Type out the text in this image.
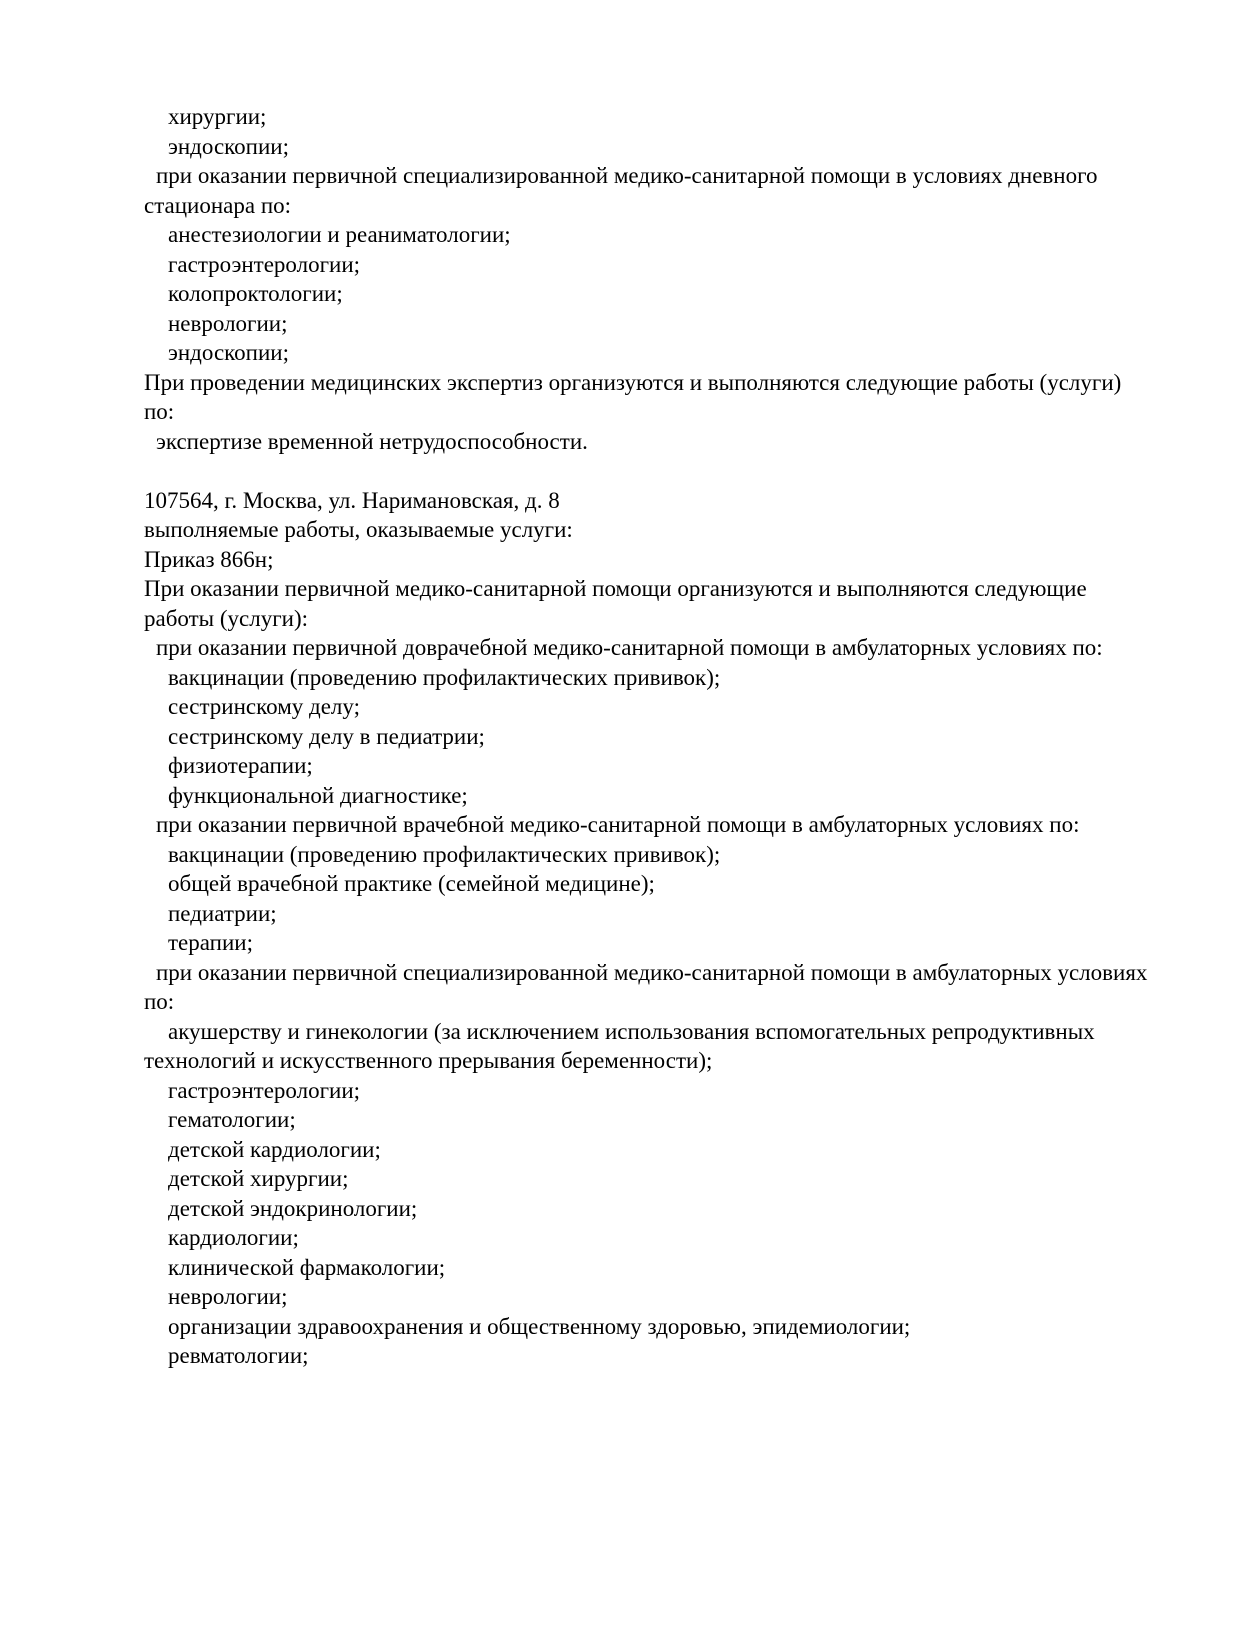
хирургии;

эндоскопии;

при оказании первичной специализированной медико-санитарной помощи в условиях дневного стационара по:

анестезиологии и реаниматологии;

гастроэнтерологии;

колопроктологии;

неврологии;

эндоскопии;

При проведении медицинских экспертиз организуются и выполняются следующие работы (услуги) по:

экспертизе временной нетрудоспособности.

107564, г. Москва, ул. Наримановская, д. 8

выполняемые работы, оказываемые услуги:

Приказ 866н;

При оказании первичной медико-санитарной помощи организуются и выполняются следующие работы (услуги):

при оказании первичной доврачебной медико-санитарной помощи в амбулаторных условиях по:

вакцинации (проведению профилактических прививок);

сестринскому делу;

сестринскому делу в педиатрии;

физиотерапии;

функциональной диагностике;

при оказании первичной врачебной медико-санитарной помощи в амбулаторных условиях по:

вакцинации (проведению профилактических прививок);

общей врачебной практике (семейной медицине);

педиатрии;

терапии;

при оказании первичной специализированной медико-санитарной помощи в амбулаторных условиях по:

акушерству и гинекологии (за исключением использования вспомогательных репродуктивных технологий и искусственного прерывания беременности);

гастроэнтерологии;

гематологии;

детской кардиологии;

детской хирургии;

детской эндокринологии;

кардиологии;

клинической фармакологии;

неврологии;

организации здравоохранения и общественному здоровью, эпидемиологии;

ревматологии;
